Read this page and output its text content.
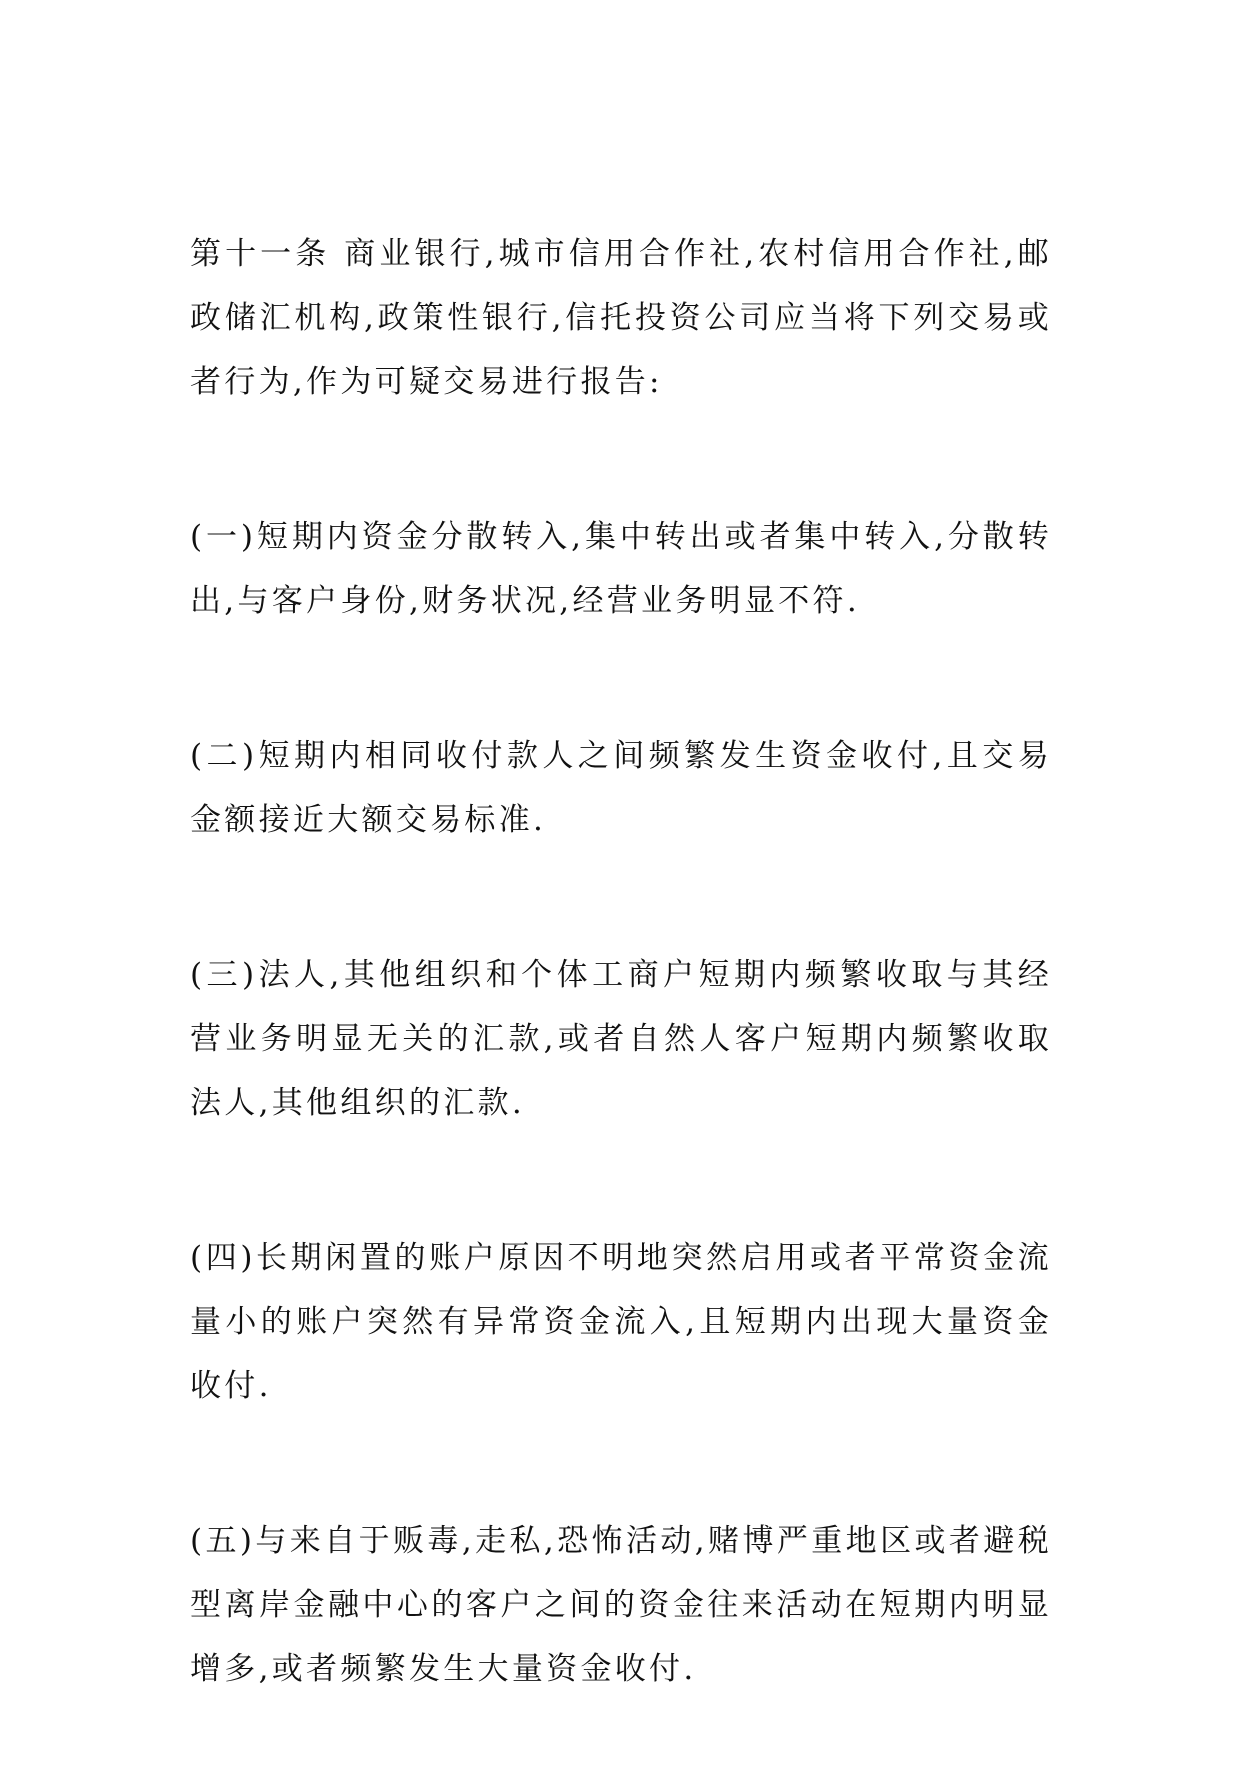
第十一条 商业银行,城市信用合作社,农村信用合作社,邮政储汇机构,政策性银行,信托投资公司应当将下列交易或者行为,作为可疑交易进行报告:

(一)短期内资金分散转入,集中转出或者集中转入,分散转出,与客户身份,财务状况,经营业务明显不符.

(二)短期内相同收付款人之间频繁发生资金收付,且交易金额接近大额交易标准.

(三)法人,其他组织和个体工商户短期内频繁收取与其经营业务明显无关的汇款,或者自然人客户短期内频繁收取法人,其他组织的汇款.

(四)长期闲置的账户原因不明地突然启用或者平常资金流量小的账户突然有异常资金流入,且短期内出现大量资金收付.

(五)与来自于贩毒,走私,恐怖活动,赌博严重地区或者避税型离岸金融中心的客户之间的资金往来活动在短期内明显增多,或者频繁发生大量资金收付.
